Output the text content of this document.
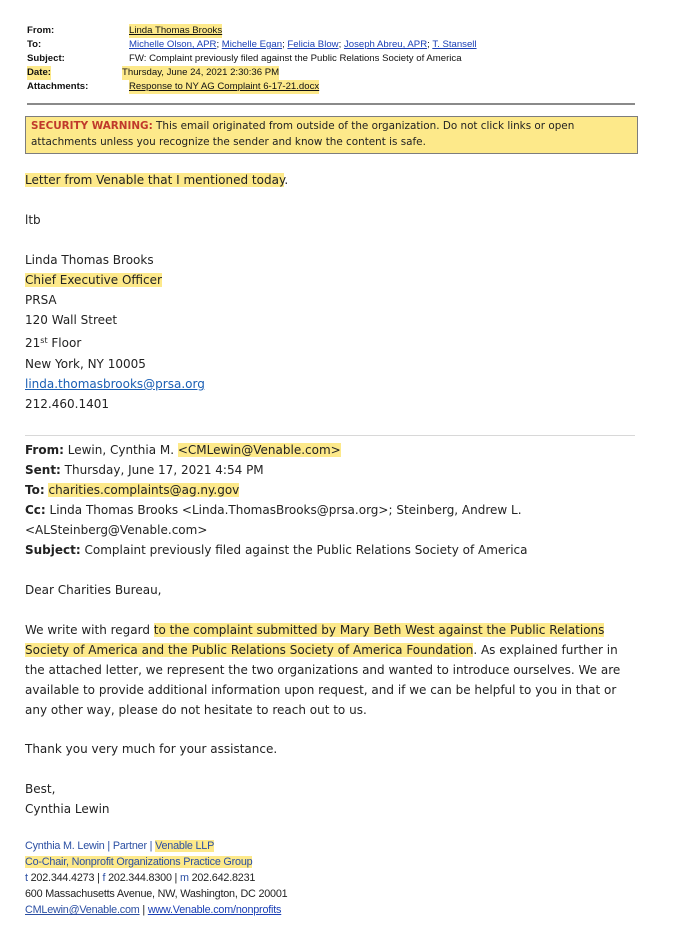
From:	Linda Thomas Brooks
To:	Michelle Olson, APR; Michelle Egan; Felicia Blow; Joseph Abreu, APR; T. Stansell
Subject:	FW: Complaint previously filed against the Public Relations Society of America
Date:	Thursday, June 24, 2021 2:30:36 PM
Attachments:	Response to NY AG Complaint 6-17-21.docx
SECURITY WARNING: This email originated from outside of the organization. Do not click links or open attachments unless you recognize the sender and know the content is safe.
Letter from Venable that I mentioned today.
ltb
Linda Thomas Brooks
Chief Executive Officer
PRSA
120 Wall Street
21st Floor
New York, NY 10005
linda.thomasbrooks@prsa.org
212.460.1401
From: Lewin, Cynthia M. <CMLewin@Venable.com>
Sent: Thursday, June 17, 2021 4:54 PM
To: charities.complaints@ag.ny.gov
Cc: Linda Thomas Brooks <Linda.ThomasBrooks@prsa.org>; Steinberg, Andrew L.
<ALSteinberg@Venable.com>
Subject: Complaint previously filed against the Public Relations Society of America
Dear Charities Bureau,
We write with regard to the complaint submitted by Mary Beth West against the Public Relations
Society of America and the Public Relations Society of America Foundation. As explained further in
the attached letter, we represent the two organizations and wanted to introduce ourselves. We are
available to provide additional information upon request, and if we can be helpful to you in that or
any other way, please do not hesitate to reach out to us.
Thank you very much for your assistance.
Best,
Cynthia Lewin
Cynthia M. Lewin | Partner | Venable LLP
Co-Chair, Nonprofit Organizations Practice Group
t 202.344.4273 | f 202.344.8300 | m 202.642.8231
600 Massachusetts Avenue, NW, Washington, DC 20001
CMLewin@Venable.com | www.Venable.com/nonprofits
